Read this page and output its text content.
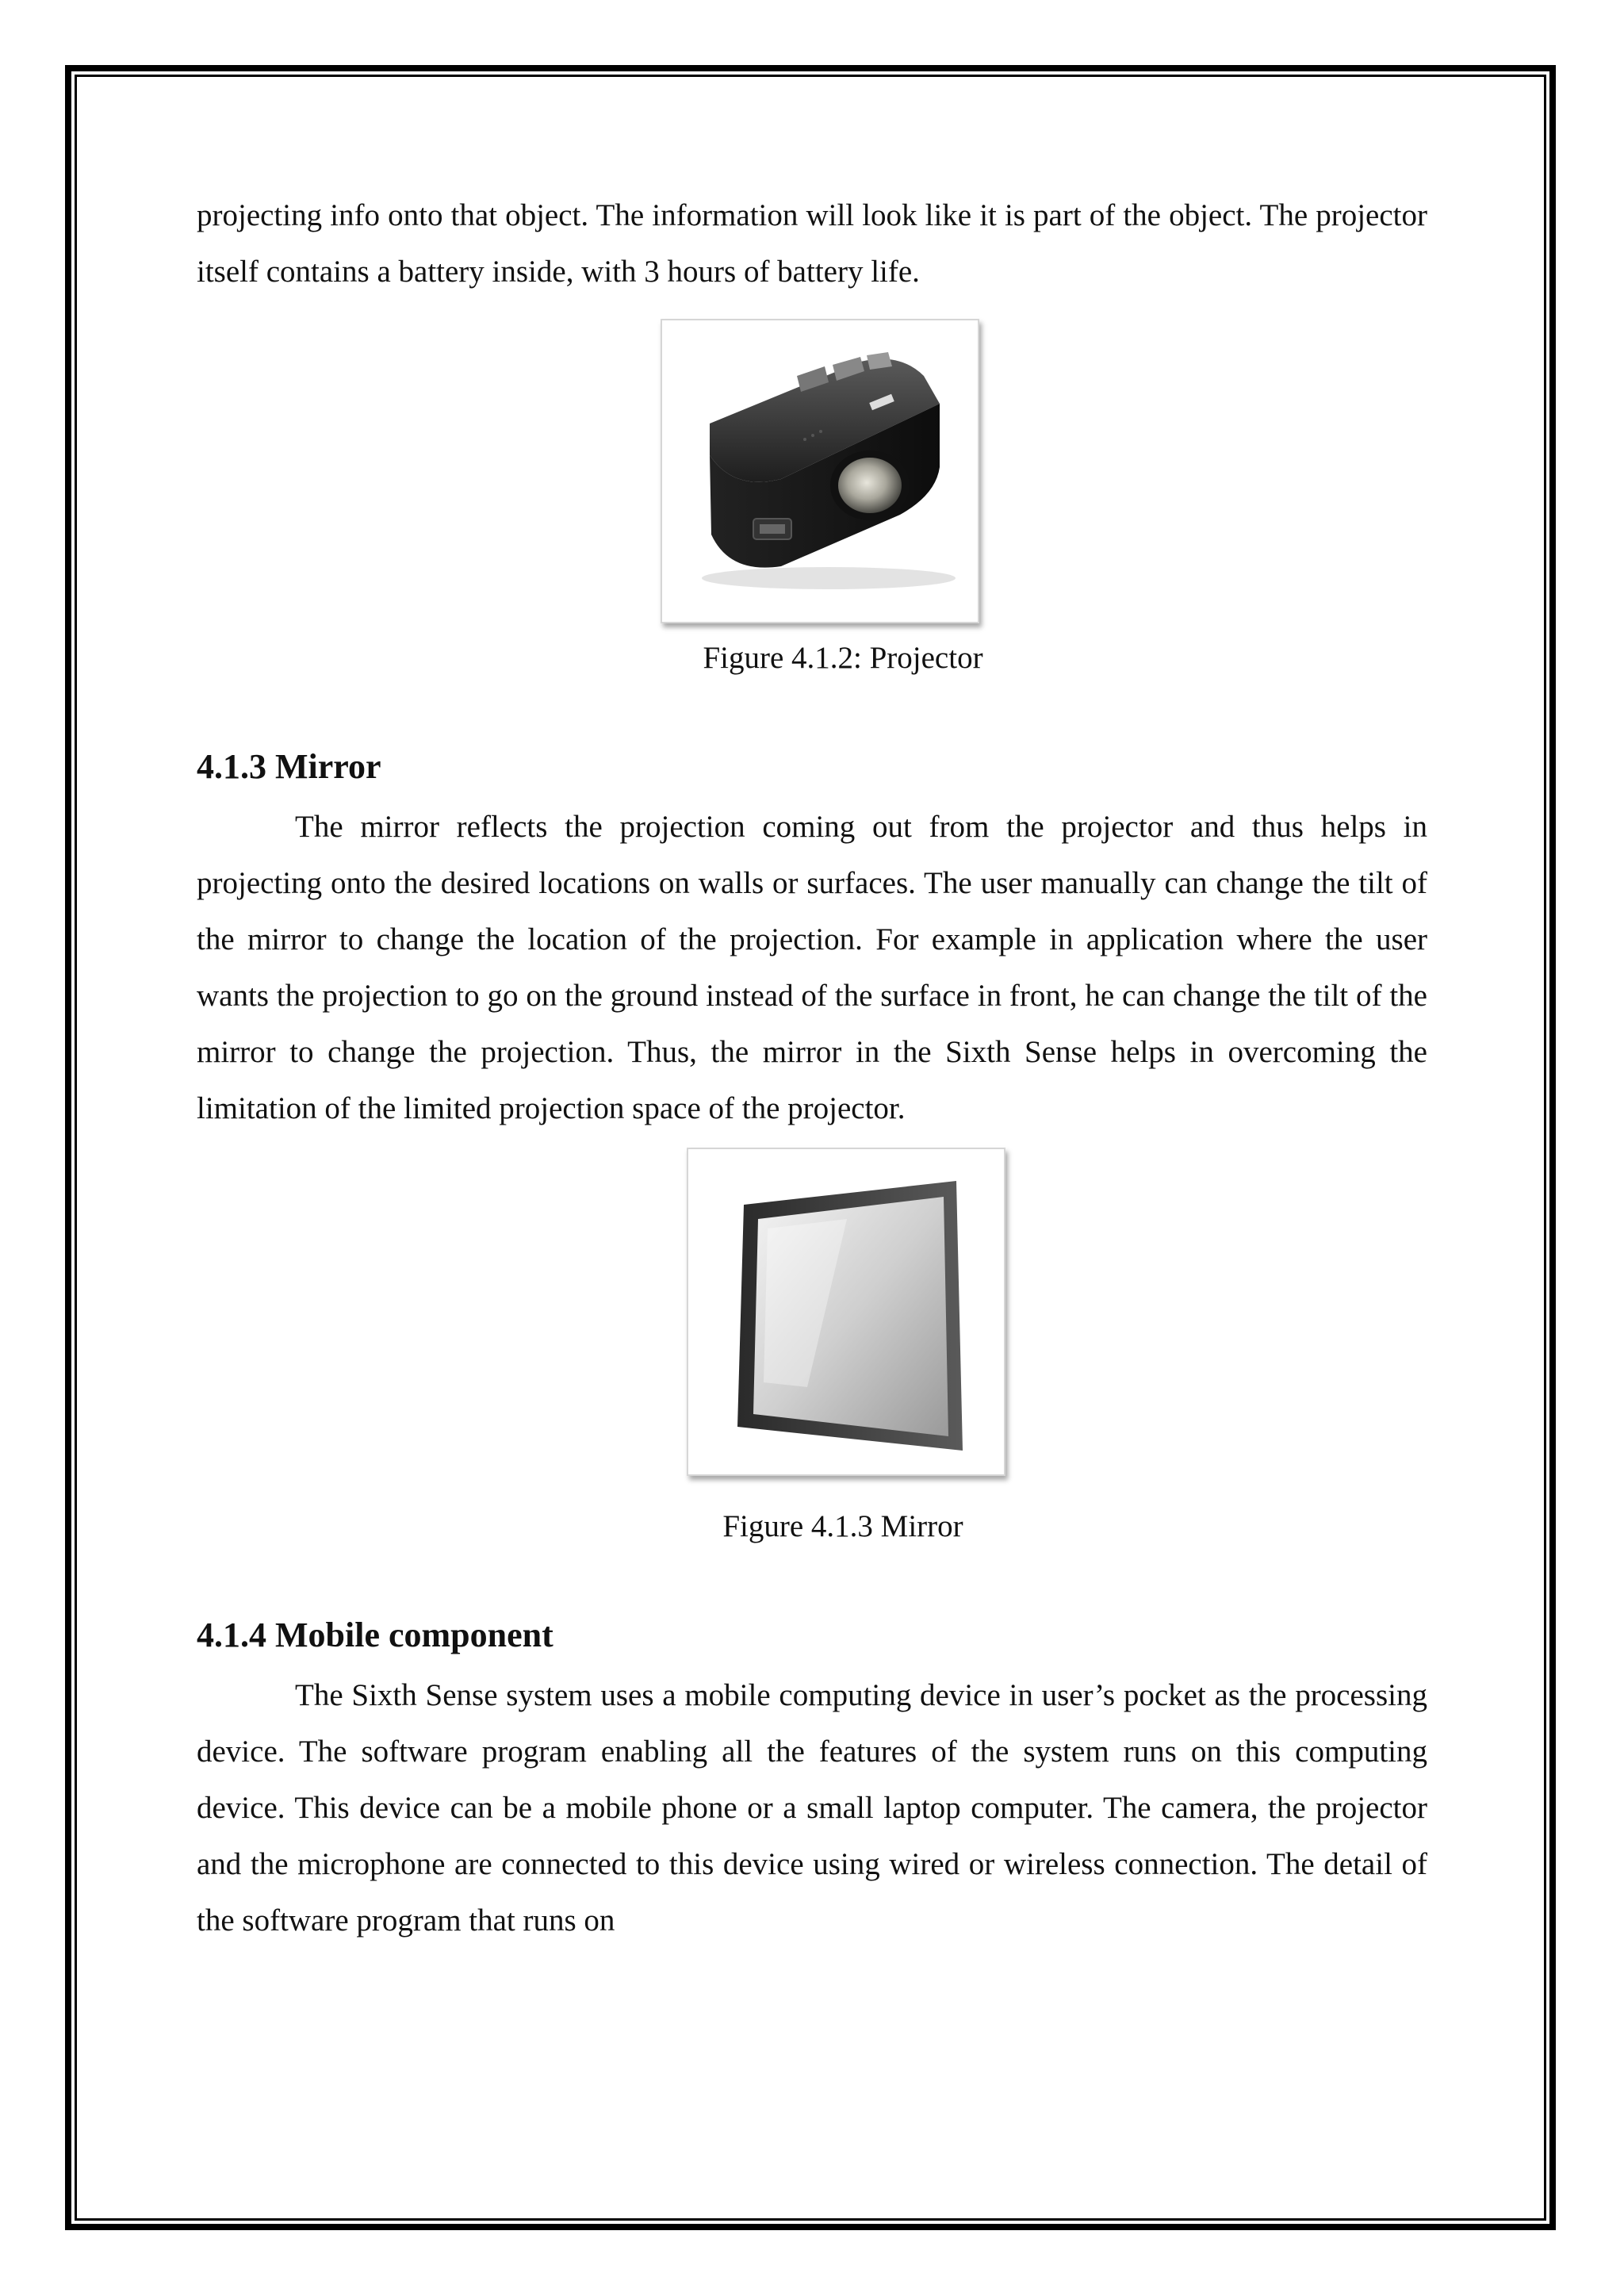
projecting info onto that object. The information will look like it is part of the object. The projector itself contains a battery inside, with 3 hours of battery life.

Figure 4.1.2: Projector

4.1.3 Mirror

The mirror reflects the projection coming out from the projector and thus helps in projecting onto the desired locations on walls or surfaces. The user manually can change the tilt of the mirror to change the location of the projection. For example in application where the user wants the projection to go on the ground instead of the surface in front, he can change the tilt of the mirror to change the projection. Thus, the mirror in the Sixth Sense helps in overcoming the limitation of the limited projection space of the projector.

Figure 4.1.3 Mirror

4.1.4 Mobile component

The Sixth Sense system uses a mobile computing device in user’s pocket as the processing device. The software program enabling all the features of the system runs on this computing device. This device can be a mobile phone or a small laptop computer. The camera, the projector and the microphone are connected to this device using wired or wireless connection. The detail of the software program that runs on
